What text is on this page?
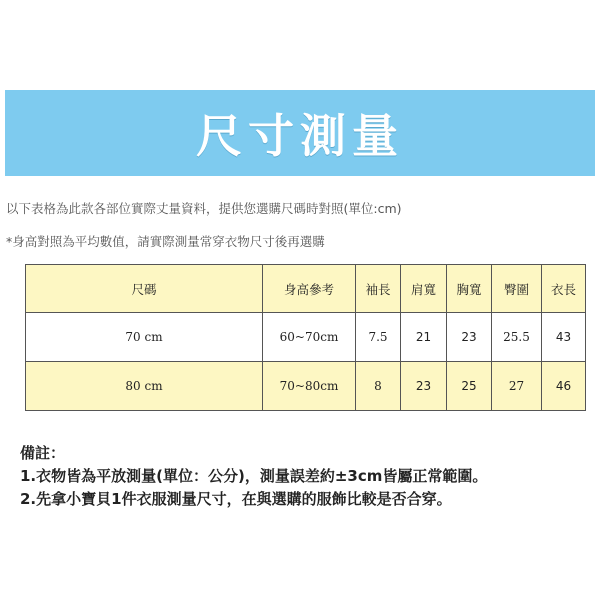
尺寸測量
以下表格為此款各部位實際丈量資料，提供您選購尺碼時對照(單位:cm)
*身高對照為平均數值，請實際測量常穿衣物尺寸後再選購
尺碼	身高參考	袖長	肩寬	胸寬	臀圍	衣長
70 cm	60~70cm	7.5	21	23	25.5	43
80 cm	70~80cm	8	23	25	27	46
備註：
1.衣物皆為平放測量(單位：公分)，測量誤差約±3cm皆屬正常範圍。
2.先拿小寶貝1件衣服測量尺寸，在與選購的服飾比較是否合穿。
